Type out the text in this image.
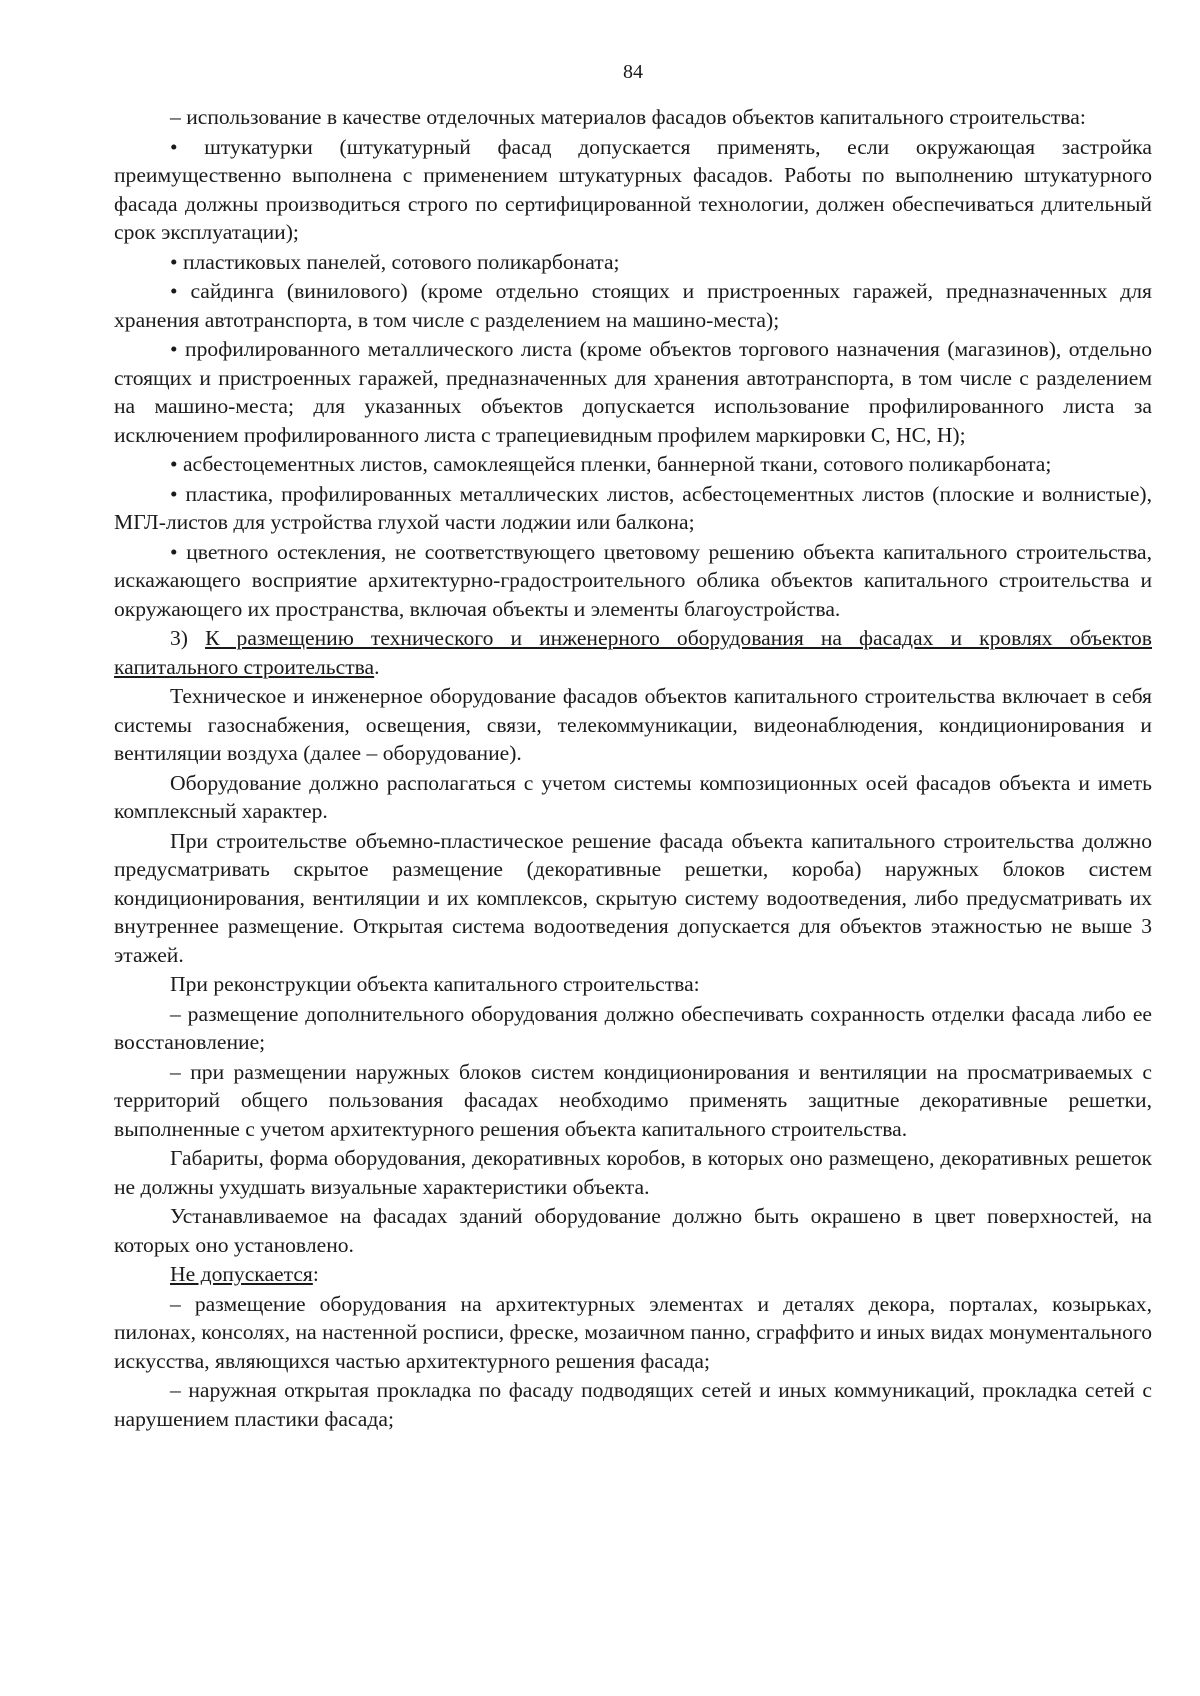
84

– использование в качестве отделочных материалов фасадов объектов капитального строительства:

• штукатурки (штукатурный фасад допускается применять, если окружающая застройка преимущественно выполнена с применением штукатурных фасадов. Работы по выполнению штукатурного фасада должны производиться строго по сертифицированной технологии, должен обеспечиваться длительный срок эксплуатации);

• пластиковых панелей, сотового поликарбоната;

• сайдинга (винилового) (кроме отдельно стоящих и пристроенных гаражей, предназначенных для хранения автотранспорта, в том числе с разделением на машино-места);

• профилированного металлического листа (кроме объектов торгового назначения (магазинов), отдельно стоящих и пристроенных гаражей, предназначенных для хранения автотранспорта, в том числе с разделением на машино-места; для указанных объектов допускается использование профилированного листа за исключением профилированного листа с трапециевидным профилем маркировки С, НС, Н);

• асбестоцементных листов, самоклеящейся пленки, баннерной ткани, сотового поликарбоната;

• пластика, профилированных металлических листов, асбестоцементных листов (плоские и волнистые), МГЛ-листов для устройства глухой части лоджии или балкона;

• цветного остекления, не соответствующего цветовому решению объекта капитального строительства, искажающего восприятие архитектурно-градостроительного облика объектов капитального строительства и окружающего их пространства, включая объекты и элементы благоустройства.

3) К размещению технического и инженерного оборудования на фасадах и кровлях объектов капитального строительства.

Техническое и инженерное оборудование фасадов объектов капитального строительства включает в себя системы газоснабжения, освещения, связи, телекоммуникации, видеонаблюдения, кондиционирования и вентиляции воздуха (далее – оборудование).

Оборудование должно располагаться с учетом системы композиционных осей фасадов объекта и иметь комплексный характер.

При строительстве объемно-пластическое решение фасада объекта капитального строительства должно предусматривать скрытое размещение (декоративные решетки, короба) наружных блоков систем кондиционирования, вентиляции и их комплексов, скрытую систему водоотведения, либо предусматривать их внутреннее размещение. Открытая система водоотведения допускается для объектов этажностью не выше 3 этажей.

При реконструкции объекта капитального строительства:

– размещение дополнительного оборудования должно обеспечивать сохранность отделки фасада либо ее восстановление;

– при размещении наружных блоков систем кондиционирования и вентиляции на просматриваемых с территорий общего пользования фасадах необходимо применять защитные декоративные решетки, выполненные с учетом архитектурного решения объекта капитального строительства.

Габариты, форма оборудования, декоративных коробов, в которых оно размещено, декоративных решеток не должны ухудшать визуальные характеристики объекта.

Устанавливаемое на фасадах зданий оборудование должно быть окрашено в цвет поверхностей, на которых оно установлено.

Не допускается:

– размещение оборудования на архитектурных элементах и деталях декора, порталах, козырьках, пилонах, консолях, на настенной росписи, фреске, мозаичном панно, сграффито и иных видах монументального искусства, являющихся частью архитектурного решения фасада;

– наружная открытая прокладка по фасаду подводящих сетей и иных коммуникаций, прокладка сетей с нарушением пластики фасада;
